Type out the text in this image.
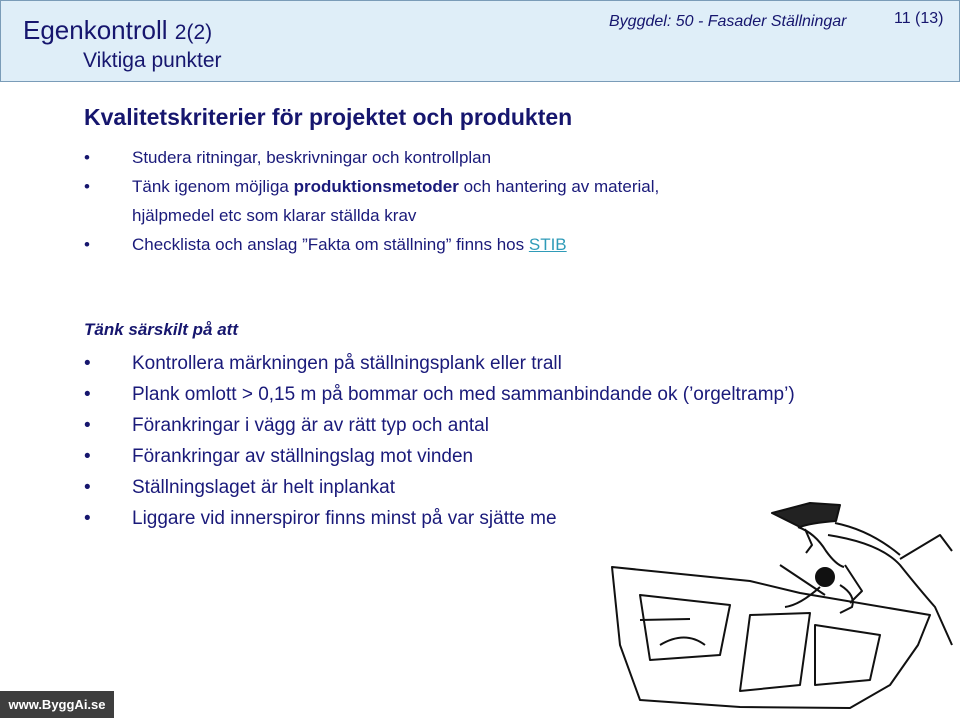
Egenkontroll 2(2)
Viktiga punkter
Byggdel: 50 - Fasader Ställningar	11 (13)
Kvalitetskriterier för projektet och produkten
• Studera ritningar, beskrivningar och kontrollplan
• Tänk igenom möjliga produktionsmetoder och hantering av material,
hjälpmedel etc som klarar ställda krav
• Checklista och anslag ”Fakta om ställning” finns hos STIB
Tänk särskilt på att
• Kontrollera märkningen på ställningsplank eller trall
• Plank omlott > 0,15 m på bommar och med sammanbindande ok (’orgeltramp’)
• Förankringar i vägg är av rätt typ och antal
• Förankringar av ställningslag mot vinden
• Ställningslaget är helt inplankat
• Liggare vid innerspiror finns minst på var sjätte me
www.ByggAi.se
